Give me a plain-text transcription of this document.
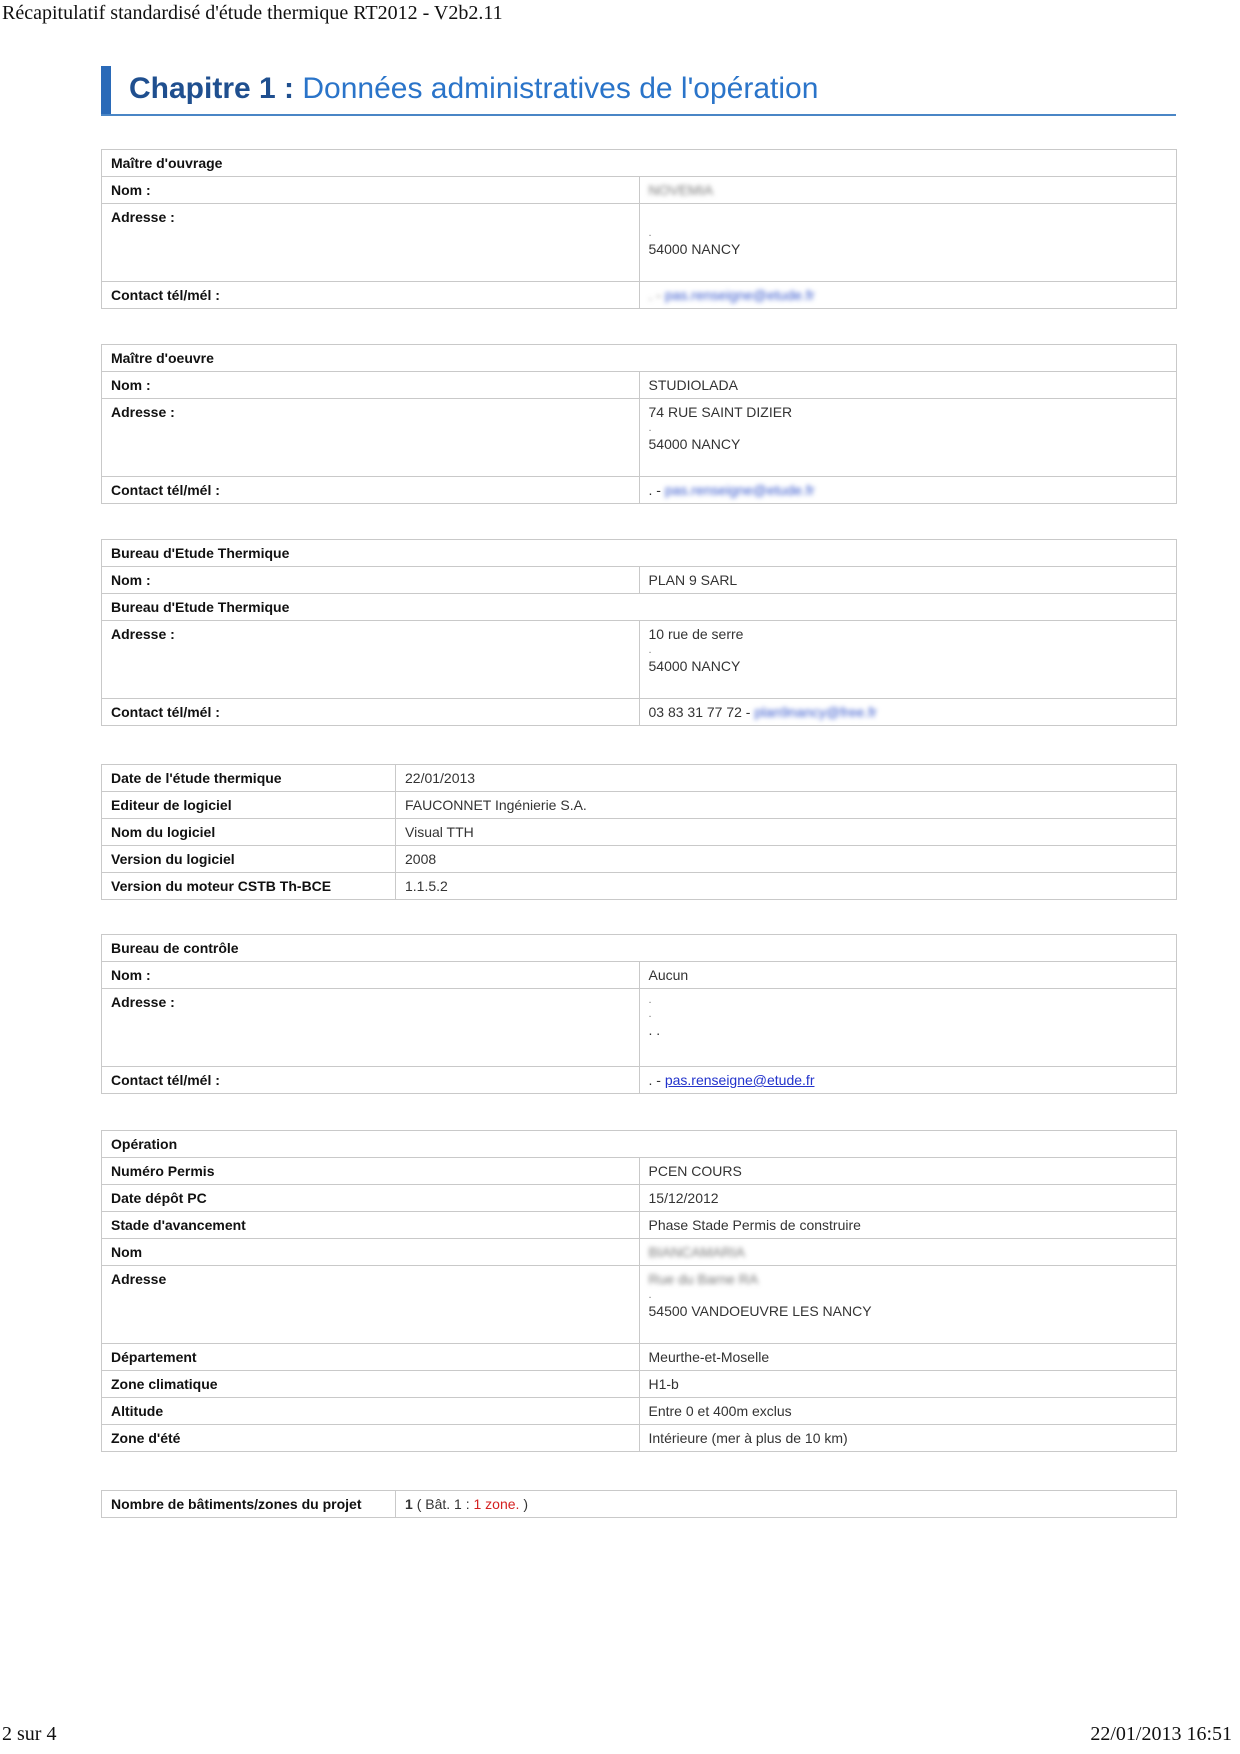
Récapitulatif standardisé d'étude thermique RT2012 - V2b2.11
Chapitre 1 : Données administratives de l'opération
Maître d'ouvrage	
Nom :	NOVEMIA
Adresse :	.
54000 NANCY

Contact tél/mél :	. - pas.renseigne@etude.fr
Maître d'oeuvre	
Nom :	STUDIOLADA
Adresse :	74 RUE SAINT DIZIER
.
54000 NANCY

Contact tél/mél :	. - pas.renseigne@etude.fr
Bureau d'Etude Thermique	
Nom :	PLAN 9 SARL
Bureau d'Etude Thermique	
Adresse :	10 rue de serre
.
54000 NANCY

Contact tél/mél :	03 83 31 77 72 - plan9nancy@free.fr
Date de l'étude thermique	22/01/2013
Editeur de logiciel	FAUCONNET Ingénierie S.A.
Nom du logiciel	Visual TTH
Version du logiciel	2008
Version du moteur CSTB Th-BCE	1.1.5.2
Bureau de contrôle	
Nom :	Aucun
Adresse :	.
.
. .

Contact tél/mél :	. - pas.renseigne@etude.fr
Opération	
Numéro Permis	PCEN COURS
Date dépôt PC	15/12/2012
Stade d'avancement	Phase Stade Permis de construire
Nom	BIANCAMARIA
Adresse	Rue du Barne RA
.
54500 VANDOEUVRE LES NANCY

Département	Meurthe-et-Moselle
Zone climatique	H1-b
Altitude	Entre 0 et 400m exclus
Zone d'été	Intérieure (mer à plus de 10 km)
Nombre de bâtiments/zones du projet	1 ( Bât. 1 : 1 zone. )
2 sur 4	22/01/2013 16:51
